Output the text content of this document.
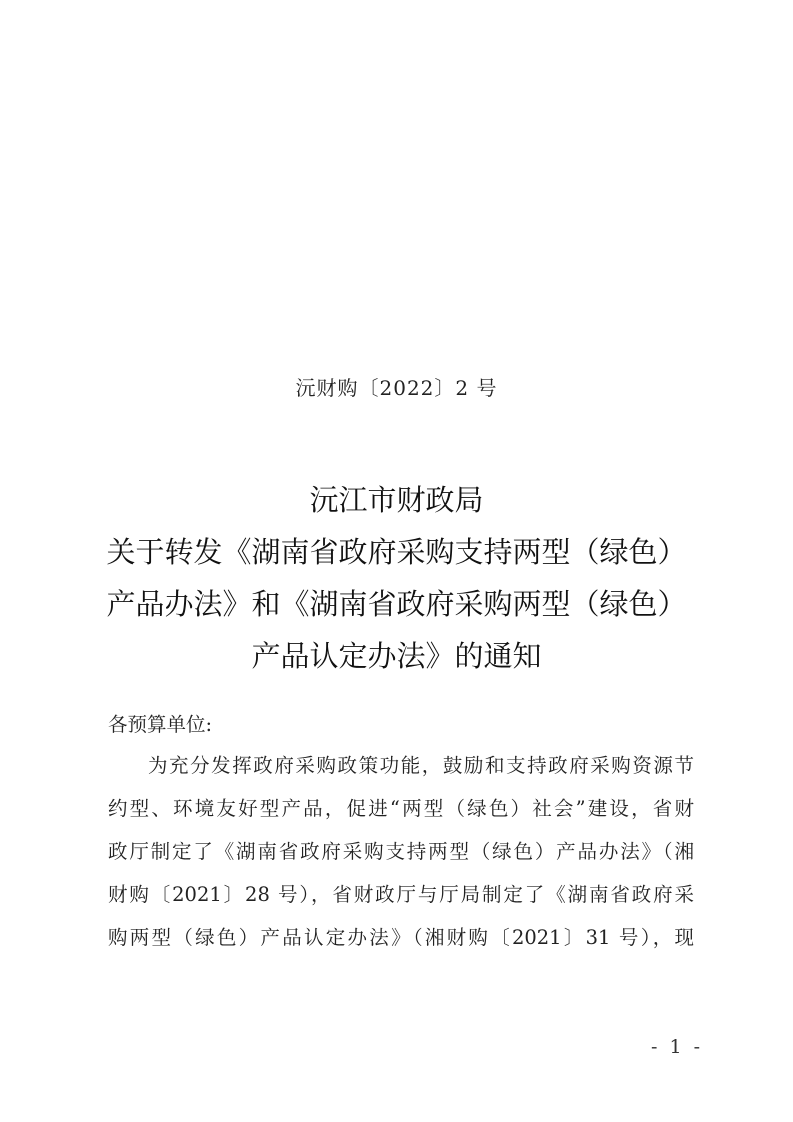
沅财购〔2022〕2 号
沅江市财政局
关于转发《湖南省政府采购支持两型（绿色）
产品办法》和《湖南省政府采购两型（绿色）
产品认定办法》的通知
各预算单位:
为充分发挥政府采购政策功能，鼓励和支持政府采购资源节
约型、环境友好型产品，促进“两型（绿色）社会”建设，省财
政厅制定了《湖南省政府采购支持两型（绿色）产品办法》（湘
财购〔2021〕28 号），省财政厅与厅局制定了《湖南省政府采
购两型（绿色）产品认定办法》（湘财购〔2021〕31 号），现
- 1 -
